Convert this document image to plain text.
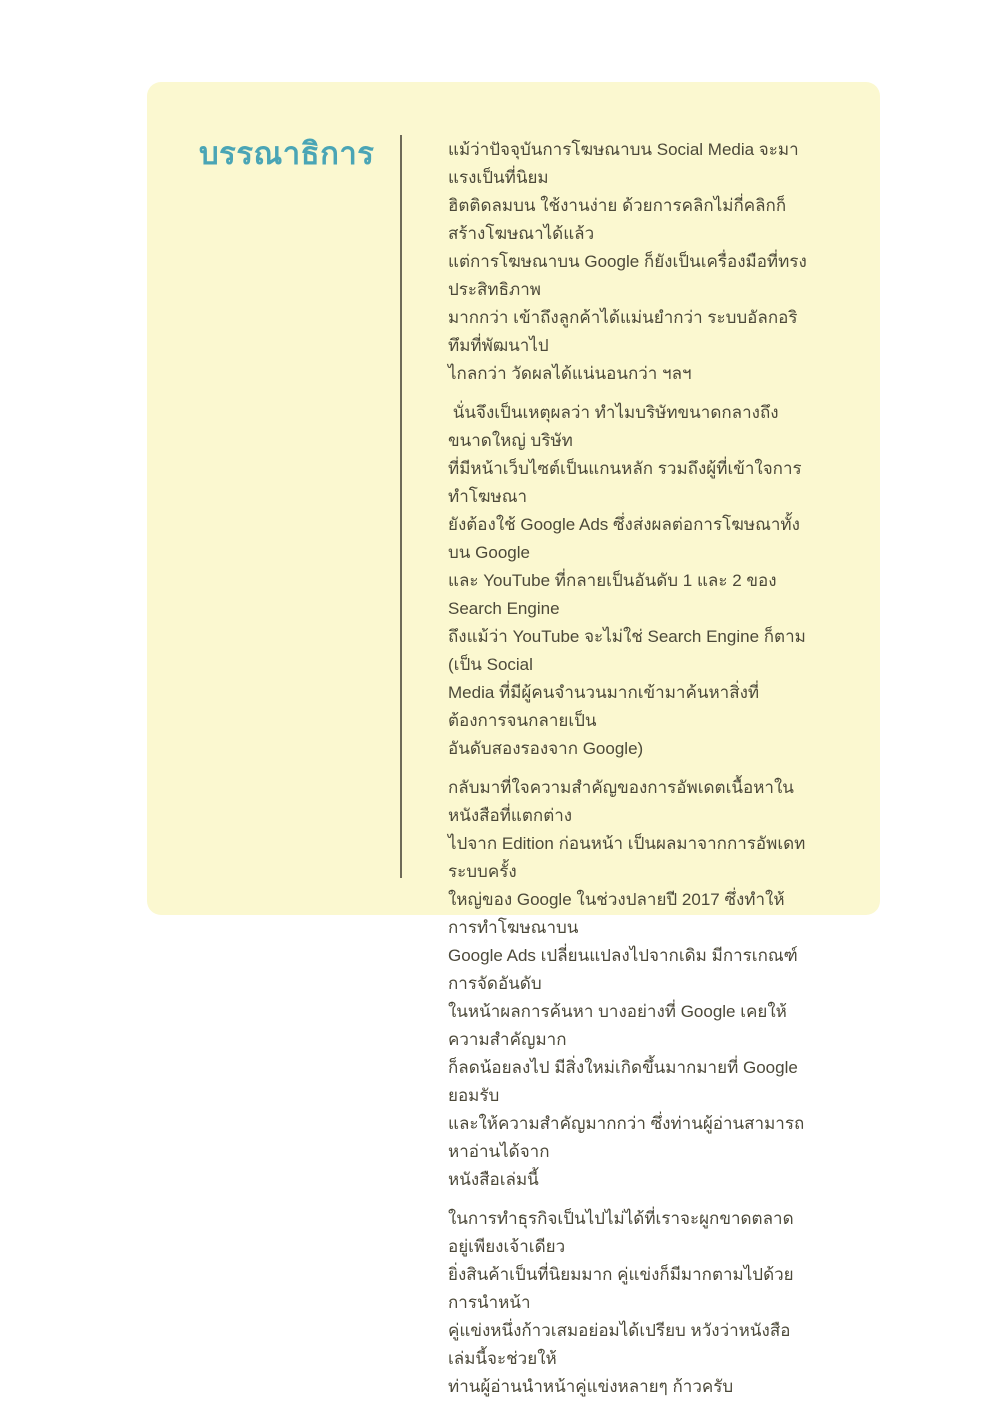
บรรณาธิการ	แม้ว่าปัจจุบันการโฆษณาบน Social Media จะมาแรงเป็นที่นิยม
ฮิตติดลมบน ใช้งานง่าย ด้วยการคลิกไม่กี่คลิกก็สร้างโฆษณาได้แล้ว
แต่การโฆษณาบน Google ก็ยังเป็นเครื่องมือที่ทรงประสิทธิภาพ
มากกว่า เข้าถึงลูกค้าได้แม่นยำกว่า ระบบอัลกอริทึมที่พัฒนาไป
ไกลกว่า วัดผลได้แน่นอนกว่า ฯลฯ

นั่นจึงเป็นเหตุผลว่า ทำไมบริษัทขนาดกลางถึงขนาดใหญ่ บริษัท
ที่มีหน้าเว็บไซต์เป็นแกนหลัก รวมถึงผู้ที่เข้าใจการทำโฆษณา
ยังต้องใช้ Google Ads ซึ่งส่งผลต่อการโฆษณาทั้งบน Google
และ YouTube ที่กลายเป็นอันดับ 1 และ 2 ของ Search Engine
ถึงแม้ว่า YouTube จะไม่ใช่ Search Engine ก็ตาม (เป็น Social
Media ที่มีผู้คนจำนวนมากเข้ามาค้นหาสิ่งที่ต้องการจนกลายเป็น
อันดับสองรองจาก Google)

กลับมาที่ใจความสำคัญของการอัพเดตเนื้อหาในหนังสือที่แตกต่าง
ไปจาก Edition ก่อนหน้า เป็นผลมาจากการอัพเดทระบบครั้ง
ใหญ่ของ Google ในช่วงปลายปี 2017 ซึ่งทำให้การทำโฆษณาบน
Google Ads เปลี่ยนแปลงไปจากเดิม มีการเกณฑ์การจัดอันดับ
ในหน้าผลการค้นหา บางอย่างที่ Google เคยให้ความสำคัญมาก
ก็ลดน้อยลงไป มีสิ่งใหม่เกิดขึ้นมากมายที่ Google ยอมรับ
และให้ความสำคัญมากกว่า ซึ่งท่านผู้อ่านสามารถหาอ่านได้จาก
หนังสือเล่มนี้

ในการทำธุรกิจเป็นไปไม่ได้ที่เราจะผูกขาดตลาดอยู่เพียงเจ้าเดียว
ยิ่งสินค้าเป็นที่นิยมมาก คู่แข่งก็มีมากตามไปด้วย การนำหน้า
คู่แข่งหนึ่งก้าวเสมอย่อมได้เปรียบ หวังว่าหนังสือเล่มนี้จะช่วยให้
ท่านผู้อ่านนำหน้าคู่แข่งหลายๆ ก้าวครับ
